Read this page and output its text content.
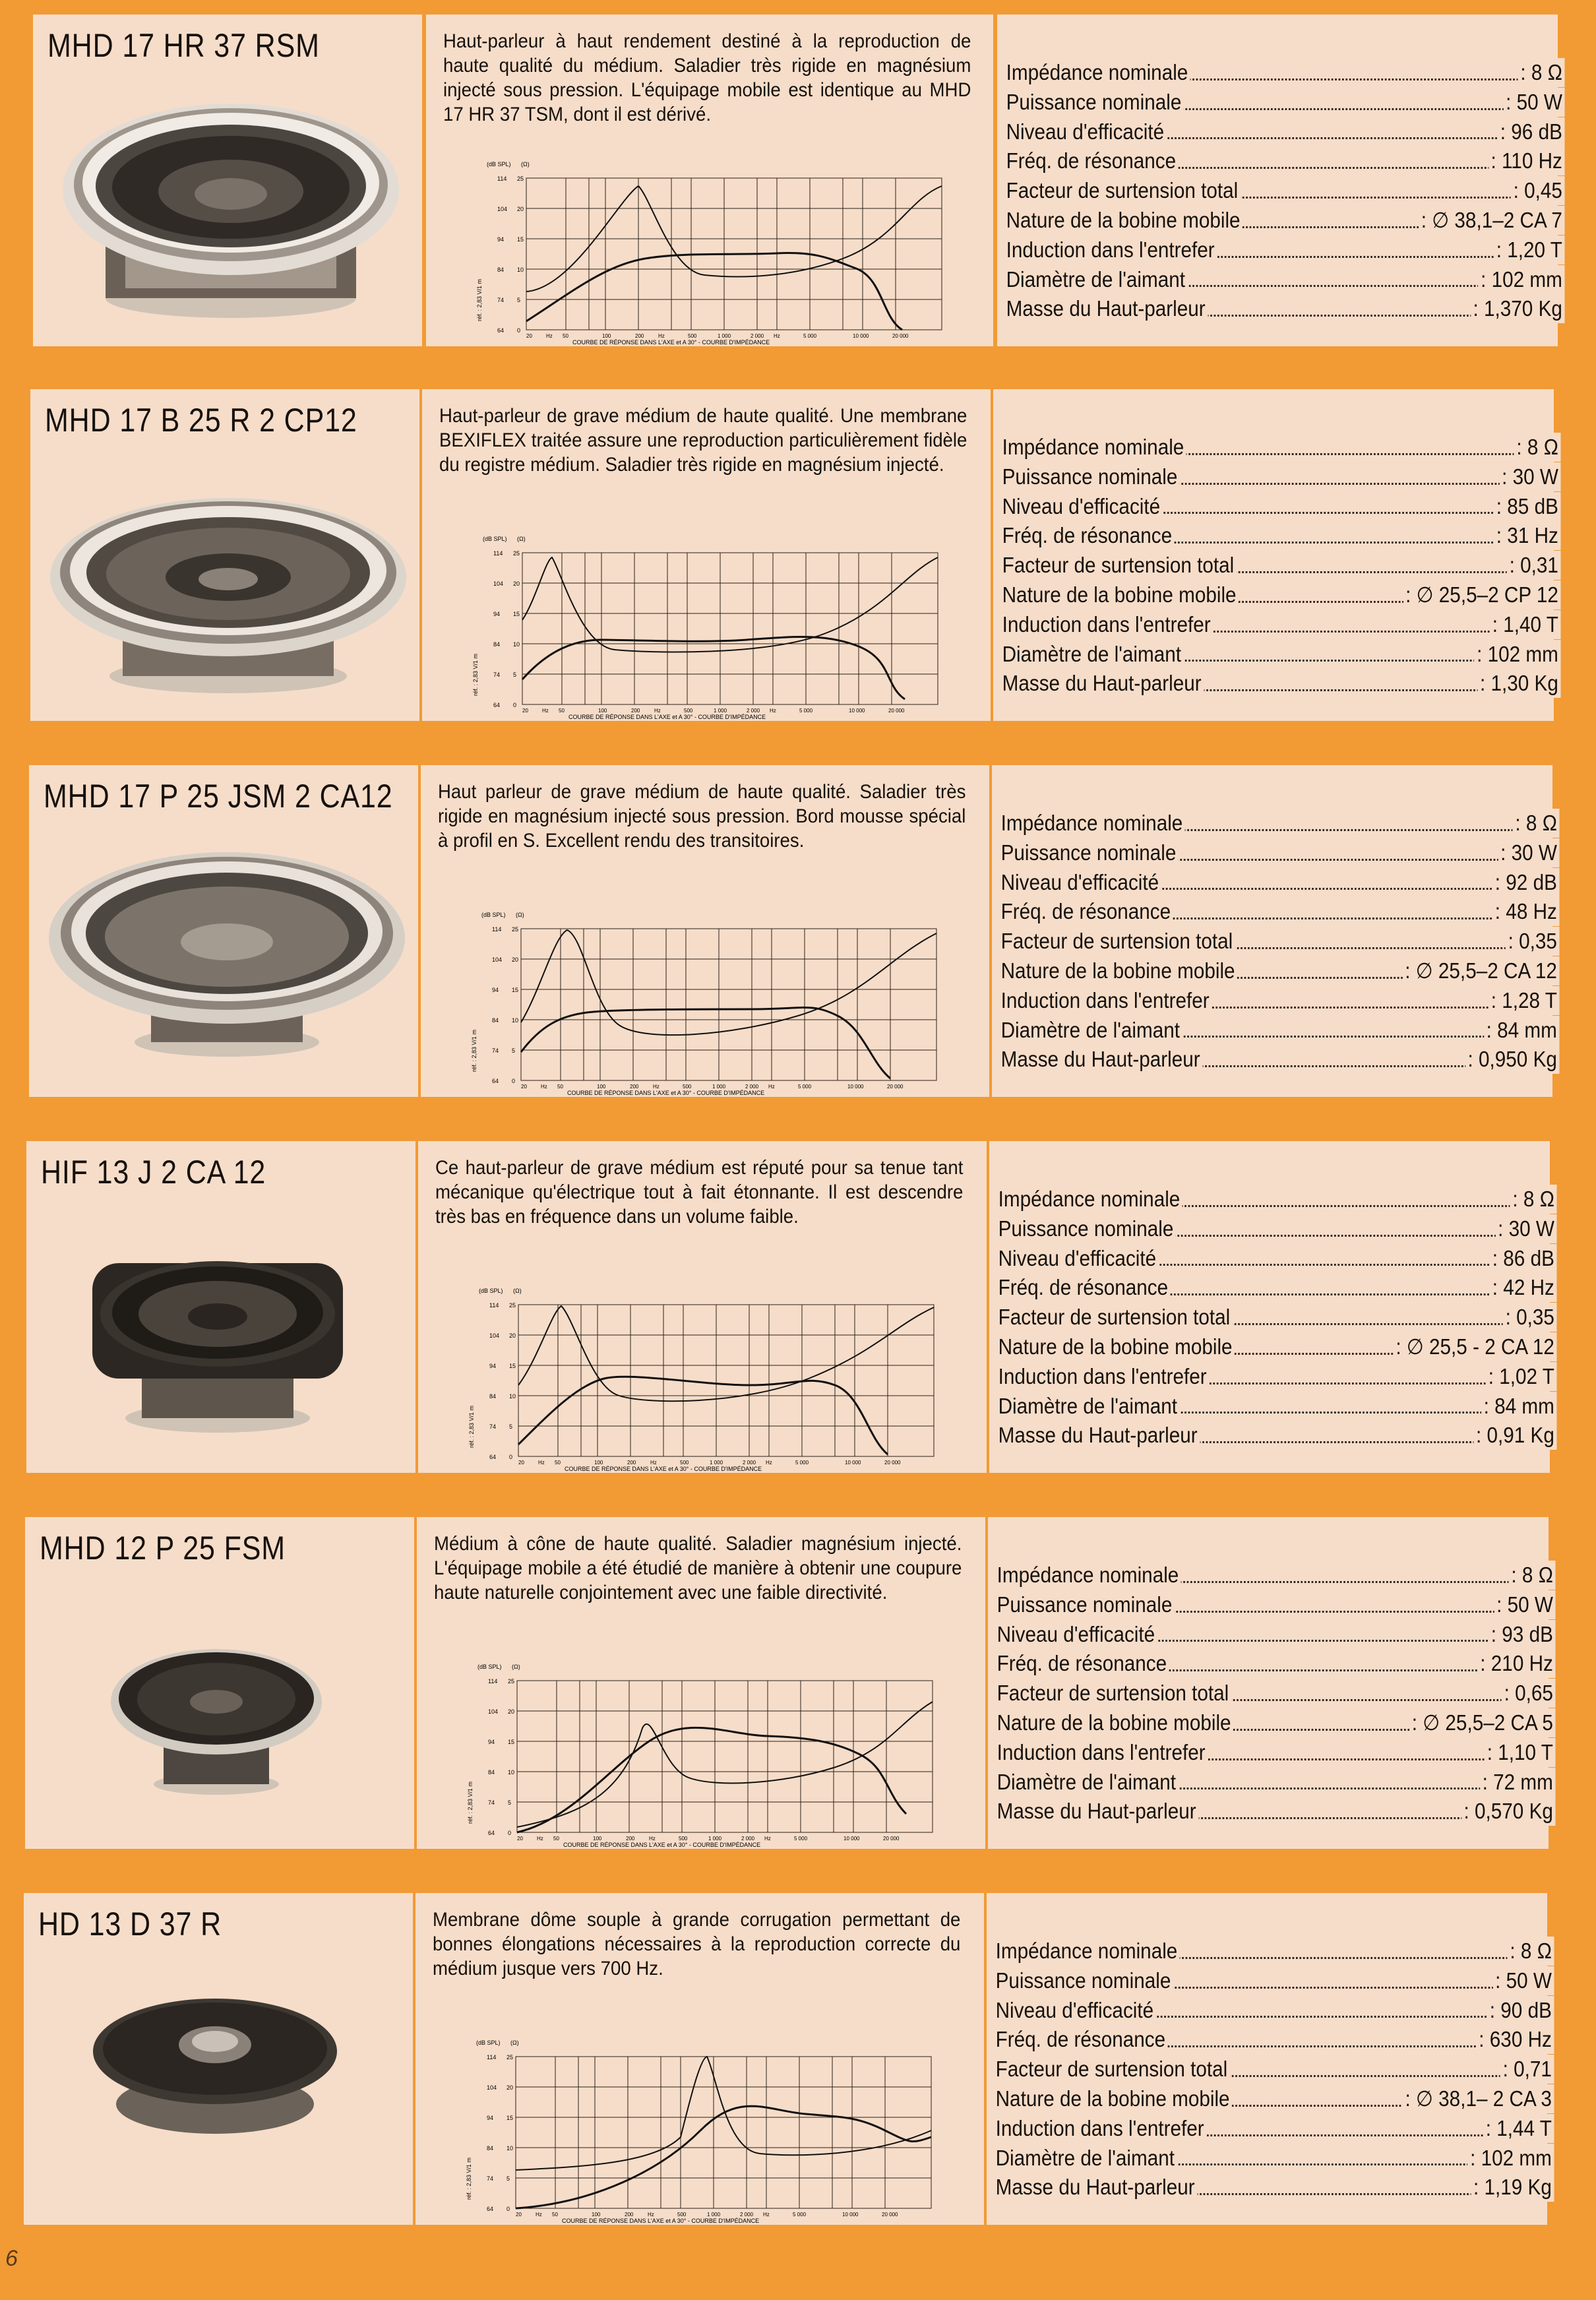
MHD 17 HR 37 RSM	Haut-parleur à haut rendement destiné à la reproduction de haute qualité du médium. Saladier très rigide en magnésium injecté sous pression. L'équipage mobile est identique au MHD 17 HR 37 TSM, dont il est dérivé.
(dB SPL) (Ω)
réf. : 2,83 V/1 m
114
104
94
84
74
64
25
20
15
10
5
0
20	Hz 50	100	200	Hz	500	1 000	2 000 Hz	5 000	10 000	20 000
COURBE DE RÉPONSE DANS L'AXE et A 30° - COURBE D'IMPÉDANCE
Impédance nominale	: 8 Ω
Puissance nominale	: 50 W
Niveau d'efficacité	: 96 dB
Fréq. de résonance	: 110 Hz
Facteur de surtension total	: 0,45
Nature de la bobine mobile	: ∅ 38,1–2 CA 7
Induction dans l'entrefer	: 1,20 T
Diamètre de l'aimant	: 102 mm
Masse du Haut-parleur	: 1,370 Kg
MHD 17 B 25 R 2 CP12	Haut-parleur de grave médium de haute qualité. Une membrane BEXIFLEX traitée assure une reproduction particulièrement fidèle du registre médium. Saladier très rigide en magnésium injecté.
(dB SPL) (Ω)
réf. : 2,83 V/1 m
114
104
94
84
74
64
25
20
15
10
5
0
20	Hz 50	100	200	Hz	500	1 000	2 000 Hz	5 000	10 000	20 000
COURBE DE RÉPONSE DANS L'AXE et A 30° - COURBE D'IMPÉDANCE
Impédance nominale	: 8 Ω
Puissance nominale	: 30 W
Niveau d'efficacité	: 85 dB
Fréq. de résonance	: 31 Hz
Facteur de surtension total	: 0,31
Nature de la bobine mobile	: ∅ 25,5–2 CP 12
Induction dans l'entrefer	: 1,40 T
Diamètre de l'aimant	: 102 mm
Masse du Haut-parleur	: 1,30 Kg
MHD 17 P 25 JSM 2 CA12 Haut parleur de grave médium de haute qualité. Saladier très rigide en magnésium injecté sous pression. Bord mousse spécial à profil en S. Excellent rendu des transitoires.
(dB SPL) (Ω)
réf. : 2,83 V/1 m
114
104
94
84
74
64
25
20
15
10
5
0
20	Hz 50	100	200	Hz	500	1 000	2 000 Hz	5 000	10 000	20 000
COURBE DE RÉPONSE DANS L'AXE et A 30° - COURBE D'IMPÉDANCE
Impédance nominale	: 8 Ω
Puissance nominale	: 30 W
Niveau d'efficacité	: 92 dB
Fréq. de résonance	: 48 Hz
Facteur de surtension total	: 0,35
Nature de la bobine mobile	: ∅ 25,5–2 CA 12
Induction dans l'entrefer	: 1,28 T
Diamètre de l'aimant	: 84 mm
Masse du Haut-parleur	: 0,950 Kg
HIF 13 J 2 CA 12	Ce haut-parleur de grave médium est réputé pour sa tenue tant mécanique qu'électrique tout à fait étonnante. Il est descendre très bas en fréquence dans un volume faible.
(dB SPL) (Ω)
réf. : 2,83 V/1 m
114
104
94
84
74
64
25
20
15
10
5
0
20	Hz 50	100	200	Hz	500	1 000	2 000 Hz	5 000	10 000	20 000
COURBE DE RÉPONSE DANS L'AXE et A 30° - COURBE D'IMPÉDANCE
Impédance nominale	: 8 Ω
Puissance nominale	: 30 W
Niveau d'efficacité	: 86 dB
Fréq. de résonance	: 42 Hz
Facteur de surtension total	: 0,35
Nature de la bobine mobile	: ∅ 25,5 - 2 CA 12
Induction dans l'entrefer	: 1,02 T
Diamètre de l'aimant	: 84 mm
Masse du Haut-parleur	: 0,91 Kg
MHD 12 P 25 FSM	Médium à cône de haute qualité. Saladier magnésium injecté. L'équipage mobile a été étudié de manière à obtenir une coupure haute naturelle conjointement avec une faible directivité.
(dB SPL) (Ω)
réf. : 2,83 V/1 m
114
104
94
84
74
64
25
20
15
10
5
0
20	Hz 50	100	200	Hz	500	1 000	2 000 Hz	5 000	10 000	20 000
COURBE DE RÉPONSE DANS L'AXE et A 30° - COURBE D'IMPÉDANCE
Impédance nominale	: 8 Ω
Puissance nominale	: 50 W
Niveau d'efficacité	: 93 dB
Fréq. de résonance	: 210 Hz
Facteur de surtension total	: 0,65
Nature de la bobine mobile	: ∅ 25,5–2 CA 5
Induction dans l'entrefer	: 1,10 T
Diamètre de l'aimant	: 72 mm
Masse du Haut-parleur	: 0,570 Kg
HD 13 D 37 R	Membrane dôme souple à grande corrugation permettant de bonnes élongations nécessaires à la reproduction correcte du médium jusque vers 700 Hz.
(dB SPL) (Ω)
réf. : 2,83 V/1 m
114
104
94
84
74
64
25
20
15
10
5
0
20	Hz 50	100	200	Hz	500	1 000	2 000 Hz	5 000	10 000	20 000
COURBE DE RÉPONSE DANS L'AXE et A 30° - COURBE D'IMPÉDANCE
Impédance nominale	: 8 Ω
Puissance nominale	: 50 W
Niveau d'efficacité	: 90 dB
Fréq. de résonance	: 630 Hz
Facteur de surtension total	: 0,71
Nature de la bobine mobile	: ∅ 38,1– 2 CA 3
Induction dans l'entrefer	: 1,44 T
Diamètre de l'aimant	: 102 mm
Masse du Haut-parleur	: 1,19 Kg
6
